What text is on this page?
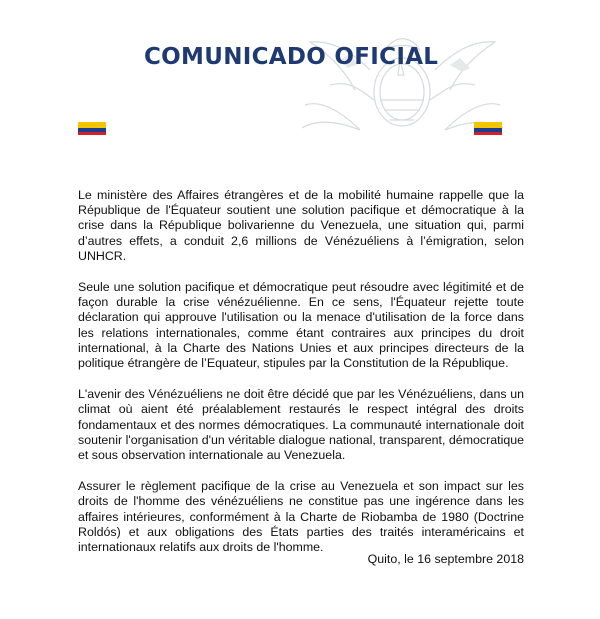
COMUNICADO OFICIAL

Le ministère des Affaires étrangères et de la mobilité humaine rappelle que la République de l'Équateur soutient une solution pacifique et démocratique à la crise dans la République bolivarienne du Venezuela, une situation qui, parmi d’autres effets, a conduit 2,6 millions de Vénézuéliens à l’émigration, selon UNHCR.

Seule une solution pacifique et démocratique peut résoudre avec légitimité et de façon durable la crise vénézuélienne. En ce sens, l'Équateur rejette toute déclaration qui approuve l'utilisation ou la menace d'utilisation de la force dans les relations internationales, comme étant contraires aux principes du droit international, à la Charte des Nations Unies et aux principes directeurs de la politique étrangère de l’Equateur, stipules par la Constitution de la République.

L'avenir des Vénézuéliens ne doit être décidé que par les Vénézuéliens, dans un climat où aient été préalablement restaurés le respect intégral des droits fondamentaux et des normes démocratiques. La communauté internationale doit soutenir l'organisation d'un véritable dialogue national, transparent, démocratique et sous observation internationale au Venezuela.

Assurer le règlement pacifique de la crise au Venezuela et son impact sur les droits de l'homme des vénézuéliens ne constitue pas une ingérence dans les affaires intérieures, conformément à la Charte de Riobamba de 1980 (Doctrine Roldós) et aux obligations des États parties des traités interaméricains et internationaux relatifs aux droits de l'homme.

Quito, le 16 septembre 2018
